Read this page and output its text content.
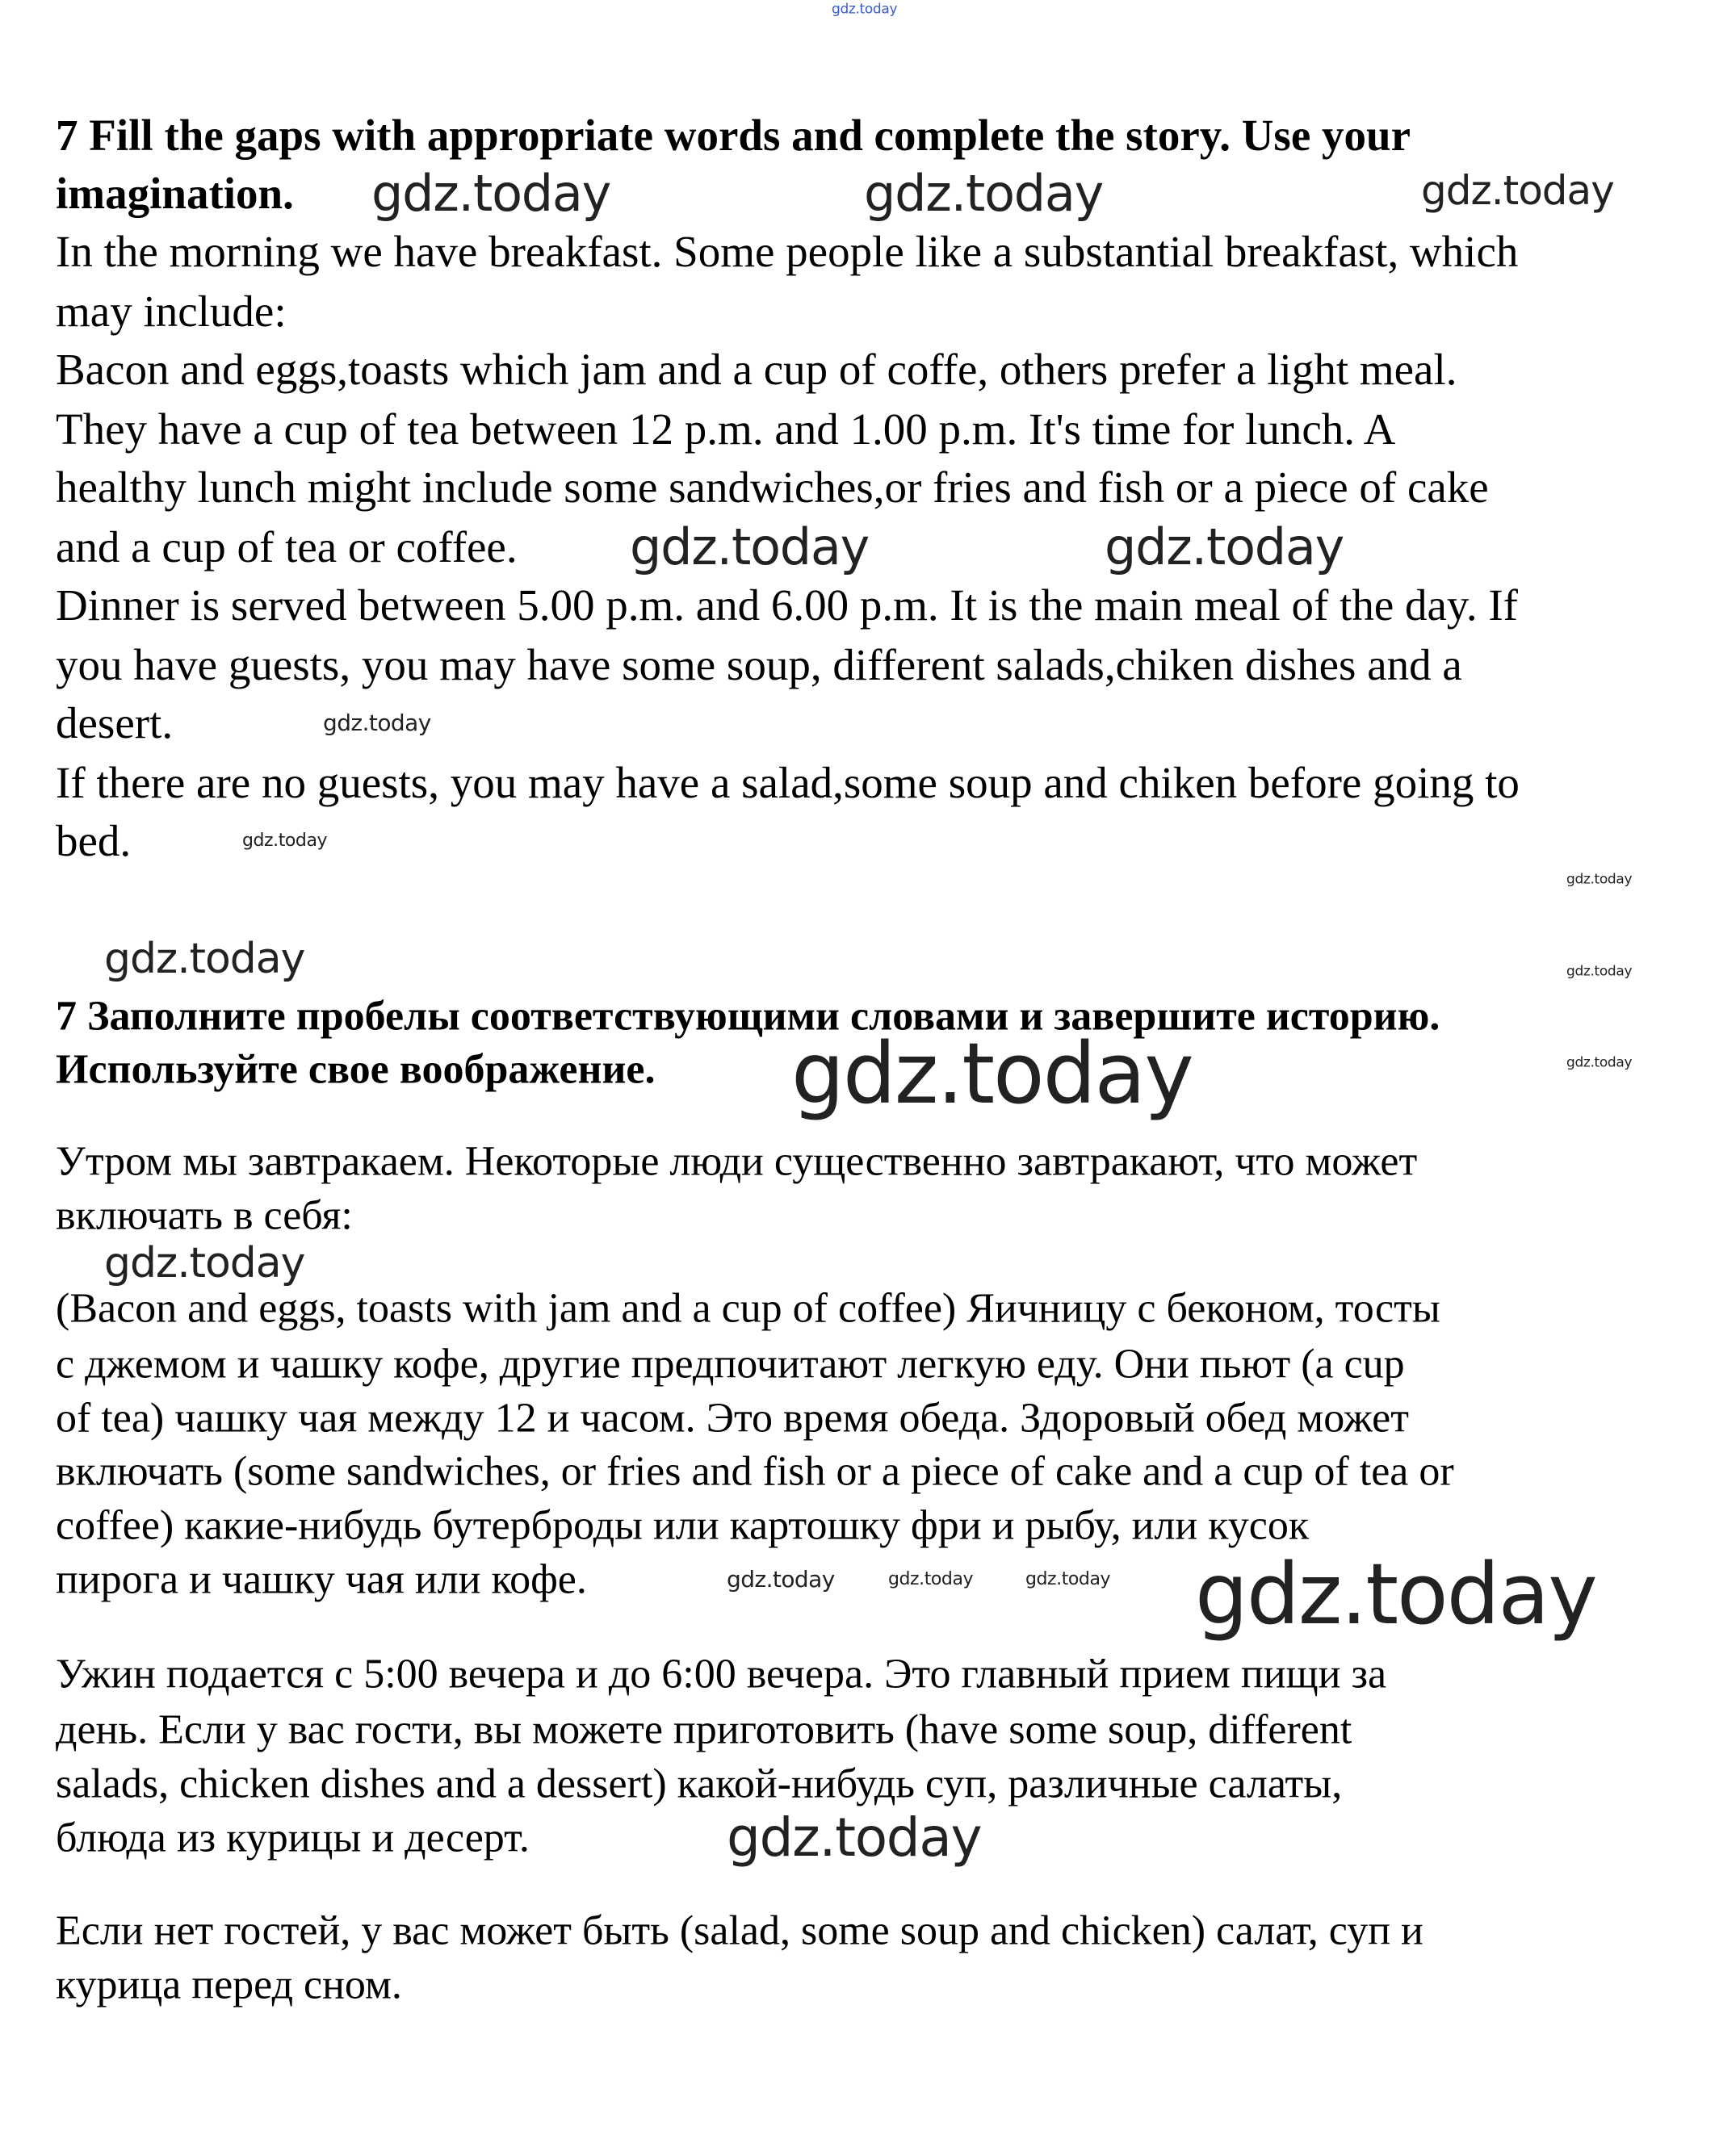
7 Fill the gaps with appropriate words and complete the story. Use your
imagination.
In the morning we have breakfast. Some people like a substantial breakfast, which
may include:
Bacon and eggs,toasts which jam and a cup of coffe, others prefer a light meal.
They have a cup of tea between 12 p.m. and 1.00 p.m. It's time for lunch. A
healthy lunch might include some sandwiches,or fries and fish or a piece of cake
and a cup of tea or coffee.
Dinner is served between 5.00 p.m. and 6.00 p.m. It is the main meal of the day. If
you have guests, you may have some soup, different salads,chiken dishes and a
desert.
If there are no guests, you may have a salad,some soup and chiken before going to
bed.
7 Заполните пробелы соответствующими словами и завершите историю.
Используйте свое воображение.
Утром мы завтракаем. Некоторые люди существенно завтракают, что может
включать в себя:
(Bacon and eggs, toasts with jam and a cup of coffee) Яичницу с беконом, тосты
с джемом и чашку кофе, другие предпочитают легкую еду. Они пьют (a cup
of tea) чашку чая между 12 и часом. Это время обеда. Здоровый обед может
включать (some sandwiches, or fries and fish or a piece of cake and a cup of tea or
coffee) какие-нибудь бутерброды или картошку фри и рыбу, или кусок
пирога и чашку чая или кофе.
Ужин подается с 5:00 вечера и до 6:00 вечера. Это главный прием пищи за
день. Если у вас гости, вы можете приготовить (have some soup, different
salads, chicken dishes and a dessert) какой-нибудь суп, различные салаты,
блюда из курицы и десерт.
Если нет гостей, у вас может быть (salad, some soup and chicken) салат, суп и
курица перед сном.
gdz.today	gdz.today	gdz.today
gdz.today	gdz.today
gdz.today
gdz.today
gdz.today
gdz.today	gdz.today
gdz.today
gdz.today
gdz.today
gdz.today	gdz.today	gdz.today gdz.today
gdz.today
gdz.today
